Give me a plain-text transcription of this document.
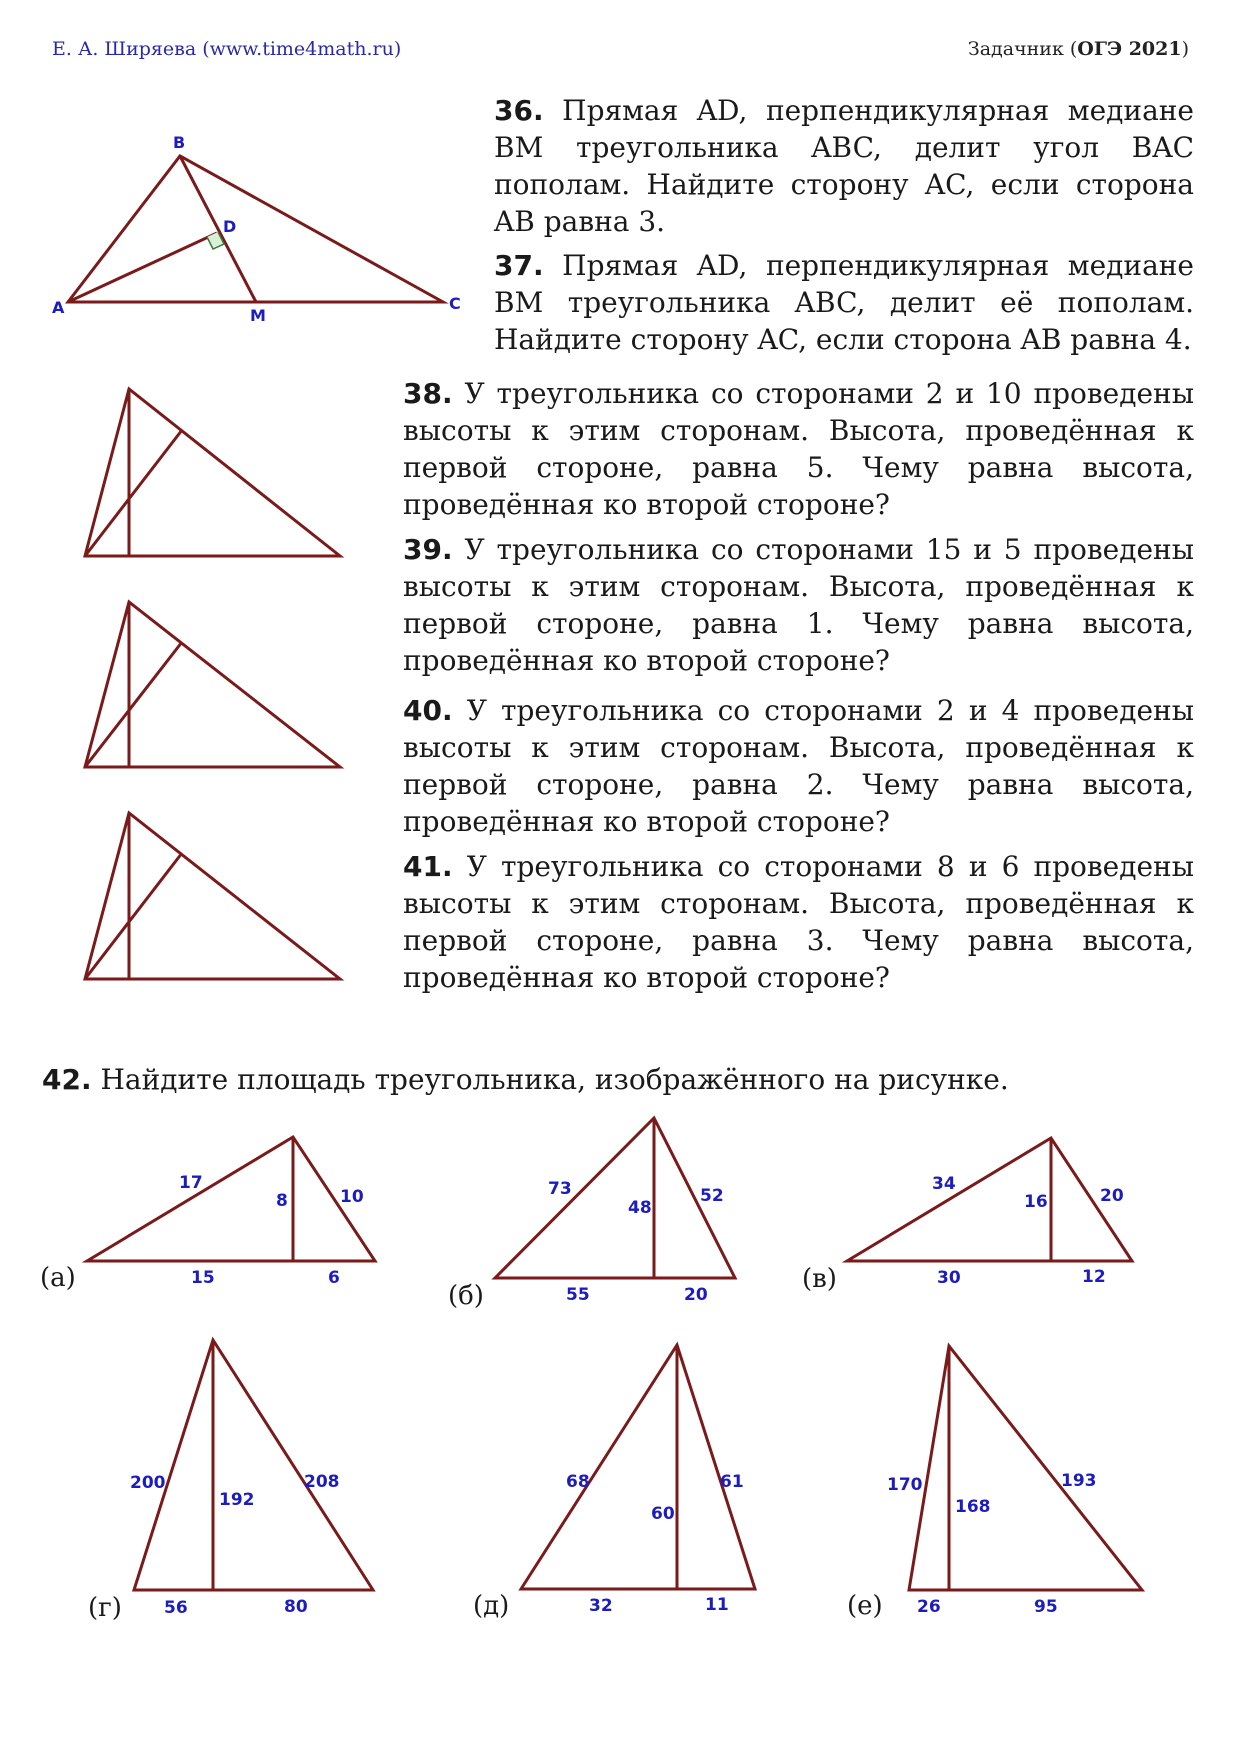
Е. А. Ширяева (www.time4math.ru)	Задачник (ОГЭ 2021)
B
D
A	M
C
36. Прямая AD, перпендикулярная медиане BM треугольника ABC, делит угол BAC пополам. Найдите сторону AC, если сторона AB равна 3.
37. Прямая AD, перпендикулярная медиане BM треугольника ABC, делит её пополам. Найдите сторону AC, если сторона AB равна 4.
38. У треугольника со сторонами 2 и 10 проведены высоты к этим сторонам. Высота, проведённая к первой стороне, равна 5. Чему равна высота, проведённая ко второй стороне?
39. У треугольника со сторонами 15 и 5 проведены высоты к этим сторонам. Высота, проведённая к первой стороне, равна 1. Чему равна высота, проведённая ко второй стороне?
40. У треугольника со сторонами 2 и 4 проведены высоты к этим сторонам. Высота, проведённая к первой стороне, равна 2. Чему равна высота, проведённая ко второй стороне?
41. У треугольника со сторонами 8 и 6 проведены высоты к этим сторонам. Высота, проведённая к первой стороне, равна 3. Чему равна высота, проведённая ко второй стороне?
42. Найдите площадь треугольника, изображённого на рисунке.
17
8	10
15	6
(а)
73
48
52
55	20
(б)
34
16	20
30	12
(в)
200
192
208
56	80
(г)
68
60
61
32	11
(д)
170
168
193
26	95
(е)
